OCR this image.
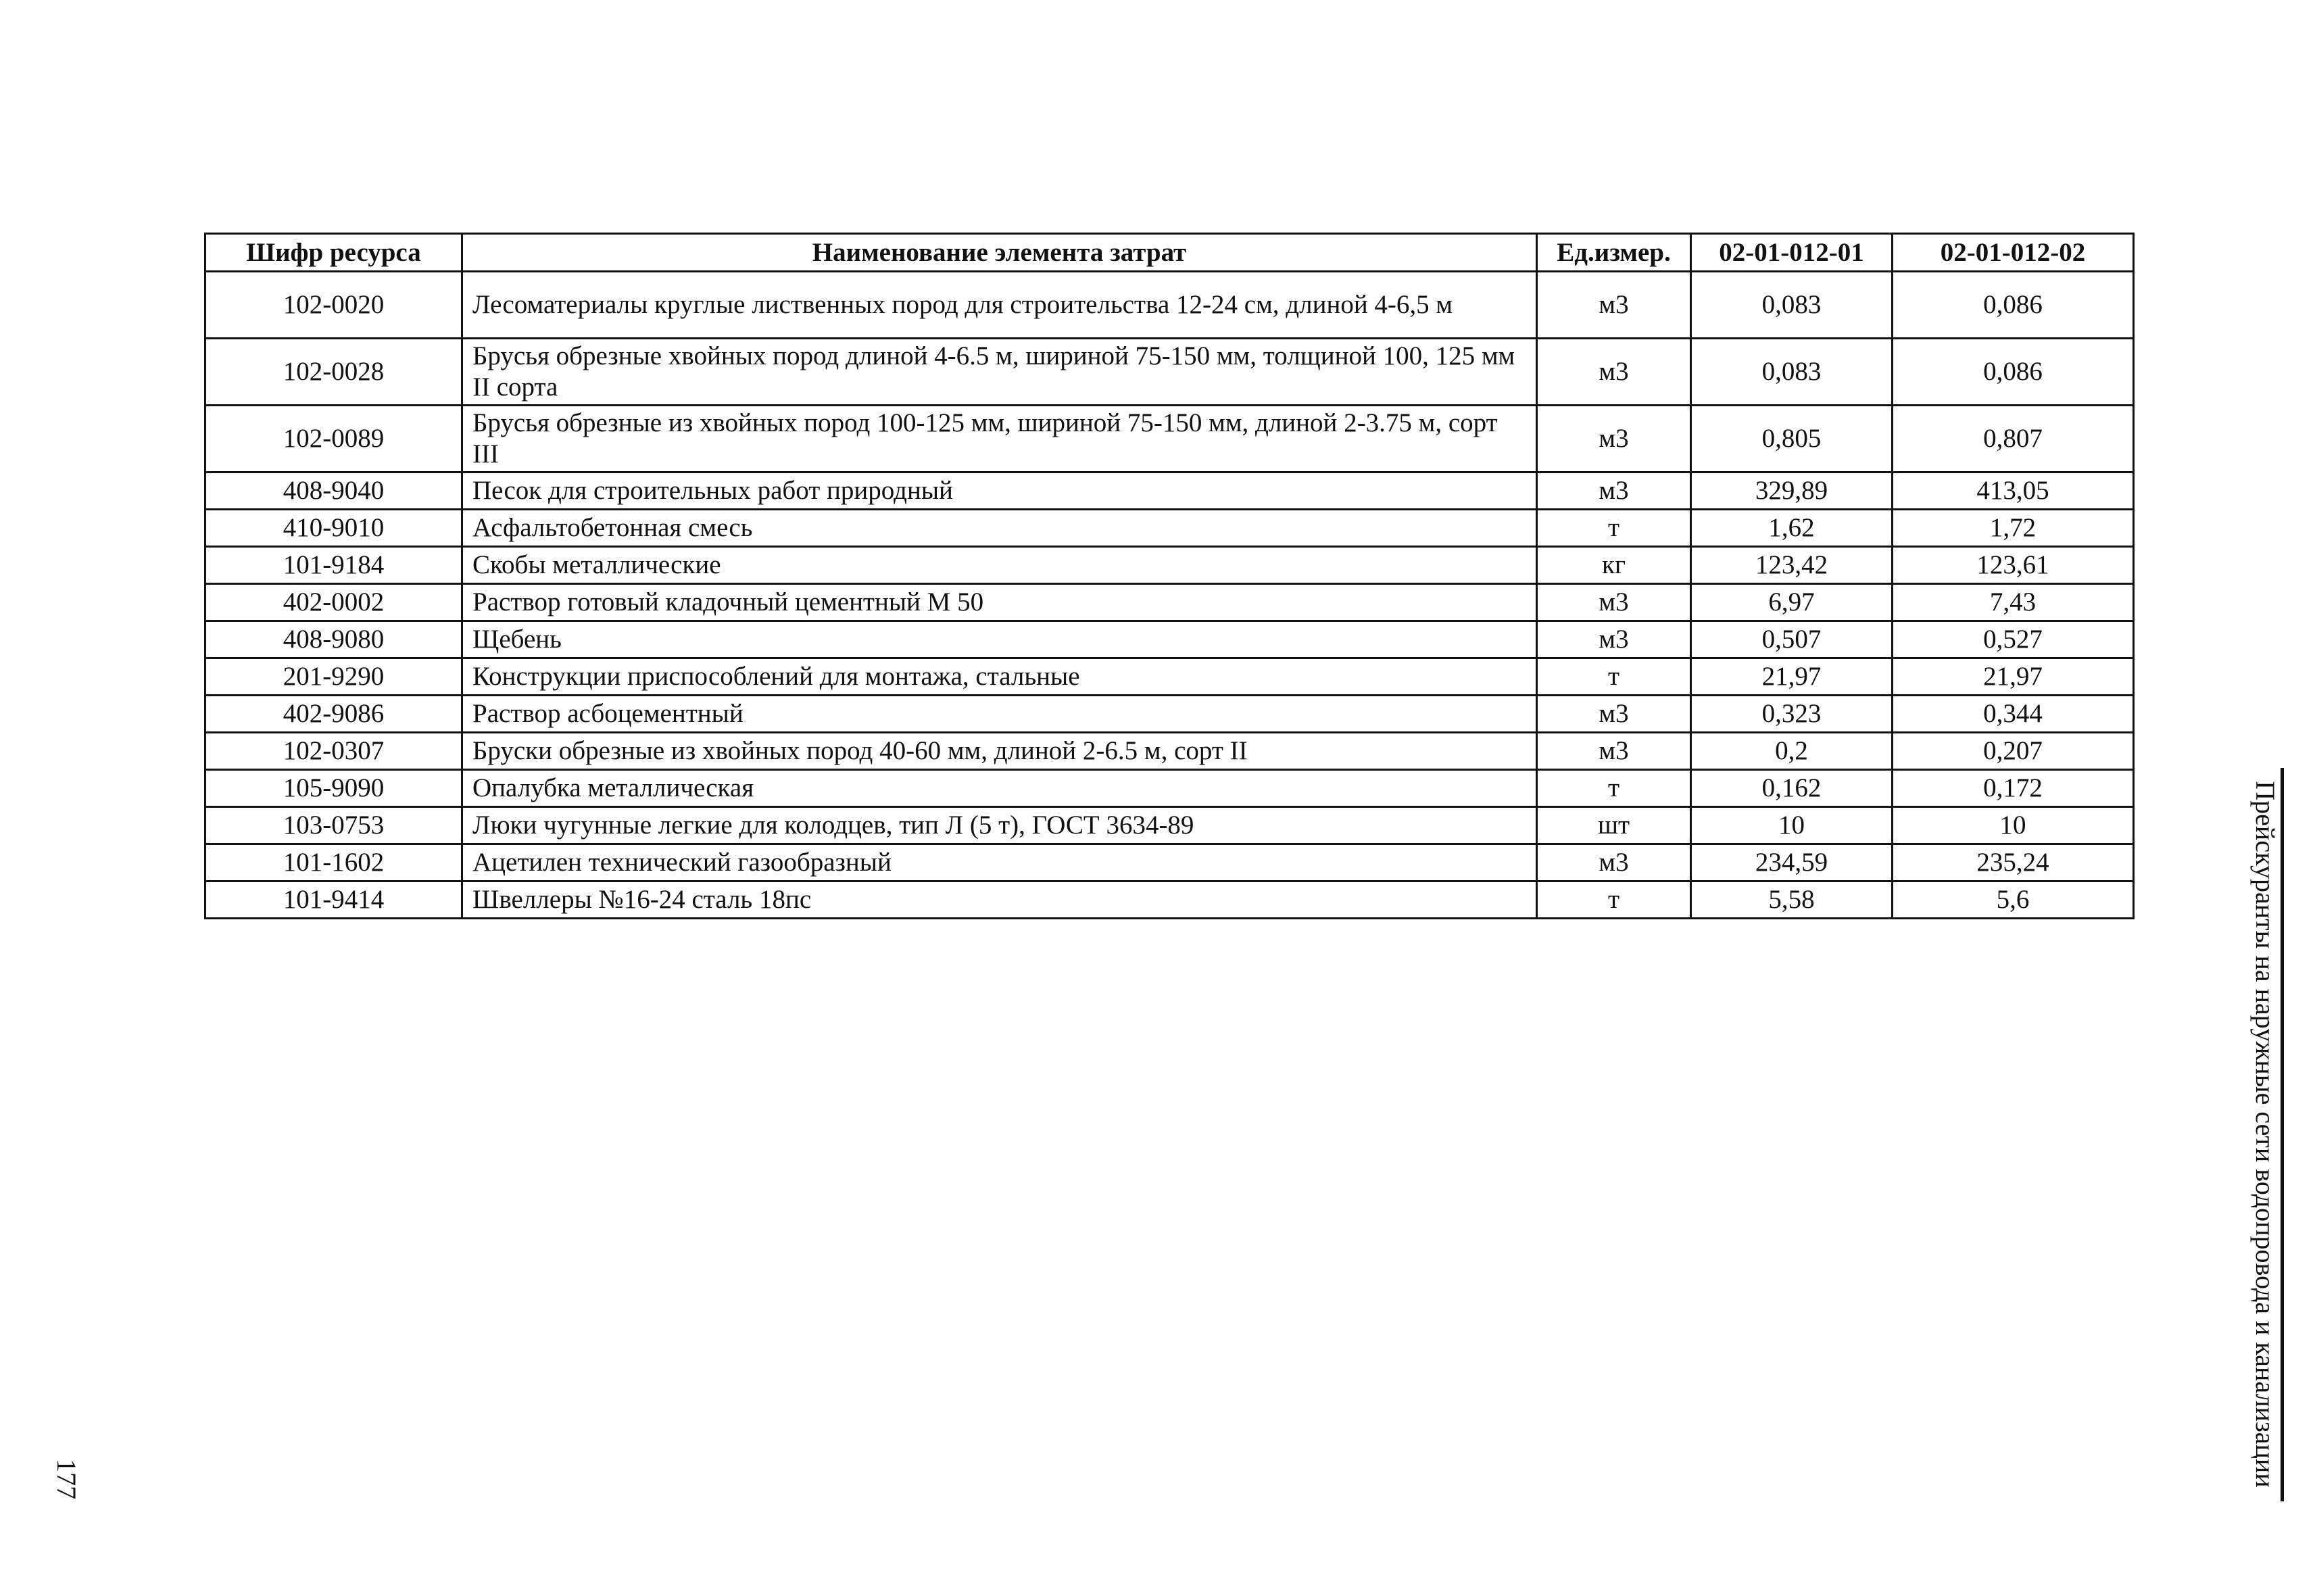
Шифр ресурса	Наименование элемента затрат	Ед.измер.	02-01-012-01	02-01-012-02
102-0020	Лесоматериалы круглые лиственных пород для строительства 12-24 см, длиной 4-6,5 м	м3	0,083	0,086
102-0028	Брусья обрезные хвойных пород длиной 4-6.5 м, шириной 75-150 мм, толщиной 100, 125 мм II сорта	м3	0,083	0,086
102-0089	Брусья обрезные из хвойных пород 100-125 мм, шириной 75-150 мм, длиной 2-3.75 м, сорт III	м3	0,805	0,807
408-9040	Песок для строительных работ природный	м3	329,89	413,05
410-9010	Асфальтобетонная смесь	т	1,62	1,72
101-9184	Скобы металлические	кг	123,42	123,61
402-0002	Раствор готовый кладочный цементный М 50	м3	6,97	7,43
408-9080	Щебень	м3	0,507	0,527
201-9290	Конструкции приспособлений для монтажа, стальные	т	21,97	21,97
402-9086	Раствор асбоцементный	м3	0,323	0,344
102-0307	Бруски обрезные из хвойных пород 40-60 мм, длиной 2-6.5 м, сорт II	м3	0,2	0,207
105-9090	Опалубка металлическая	т	0,162	0,172
103-0753	Люки чугунные легкие для колодцев, тип Л (5 т), ГОСТ 3634-89	шт	10	10
101-1602	Ацетилен технический газообразный	м3	234,59	235,24
101-9414	Швеллеры №16-24 сталь 18пс	т	5,58	5,6	Прейскуранты на наружные сети водопровода и канализации
177
